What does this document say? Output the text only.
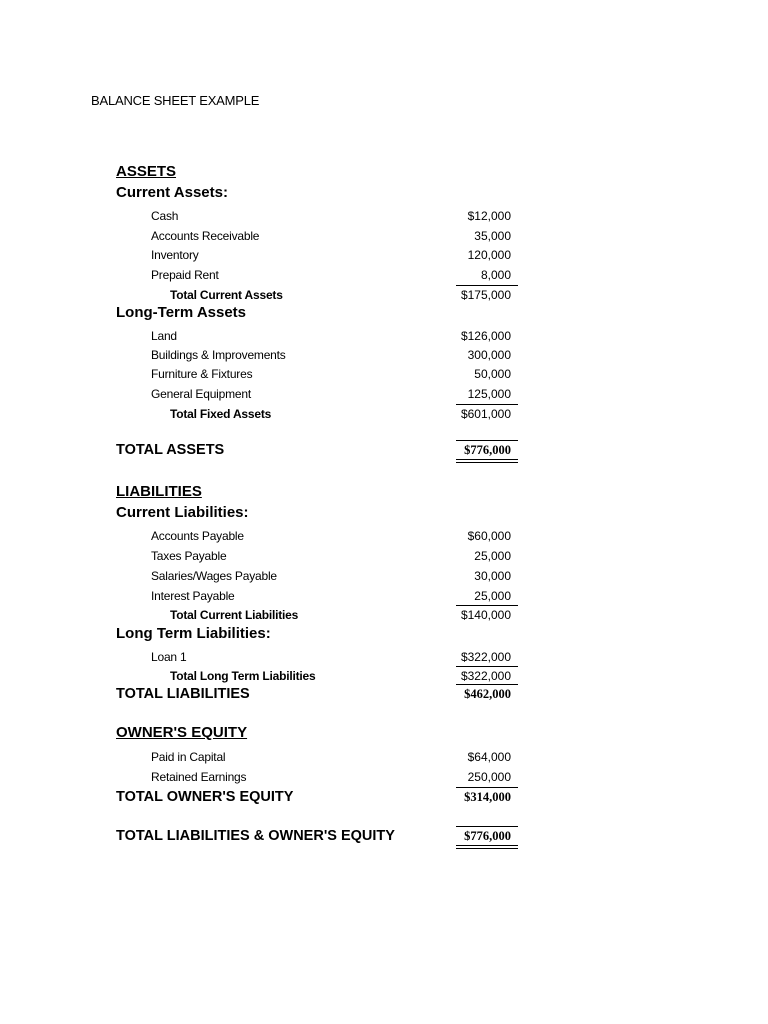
BALANCE SHEET EXAMPLE
ASSETS
Current Assets:
Cash	$12,000
Accounts Receivable	35,000
Inventory	120,000
Prepaid Rent	8,000
Total Current Assets	$175,000
Long-Term Assets
Land	$126,000
Buildings & Improvements	300,000
Furniture & Fixtures	50,000
General Equipment	125,000
Total Fixed Assets	$601,000
TOTAL ASSETS	$776,000
LIABILITIES
Current Liabilities:
Accounts Payable	$60,000
Taxes Payable	25,000
Salaries/Wages Payable	30,000
Interest Payable	25,000
Total Current Liabilities	$140,000
Long Term Liabilities:
Loan 1	$322,000
Total Long Term Liabilities	$322,000
TOTAL LIABILITIES	$462,000
OWNER'S EQUITY
Paid in Capital	$64,000
Retained Earnings	250,000
TOTAL OWNER'S EQUITY	$314,000
TOTAL LIABILITIES & OWNER'S EQUITY	$776,000
